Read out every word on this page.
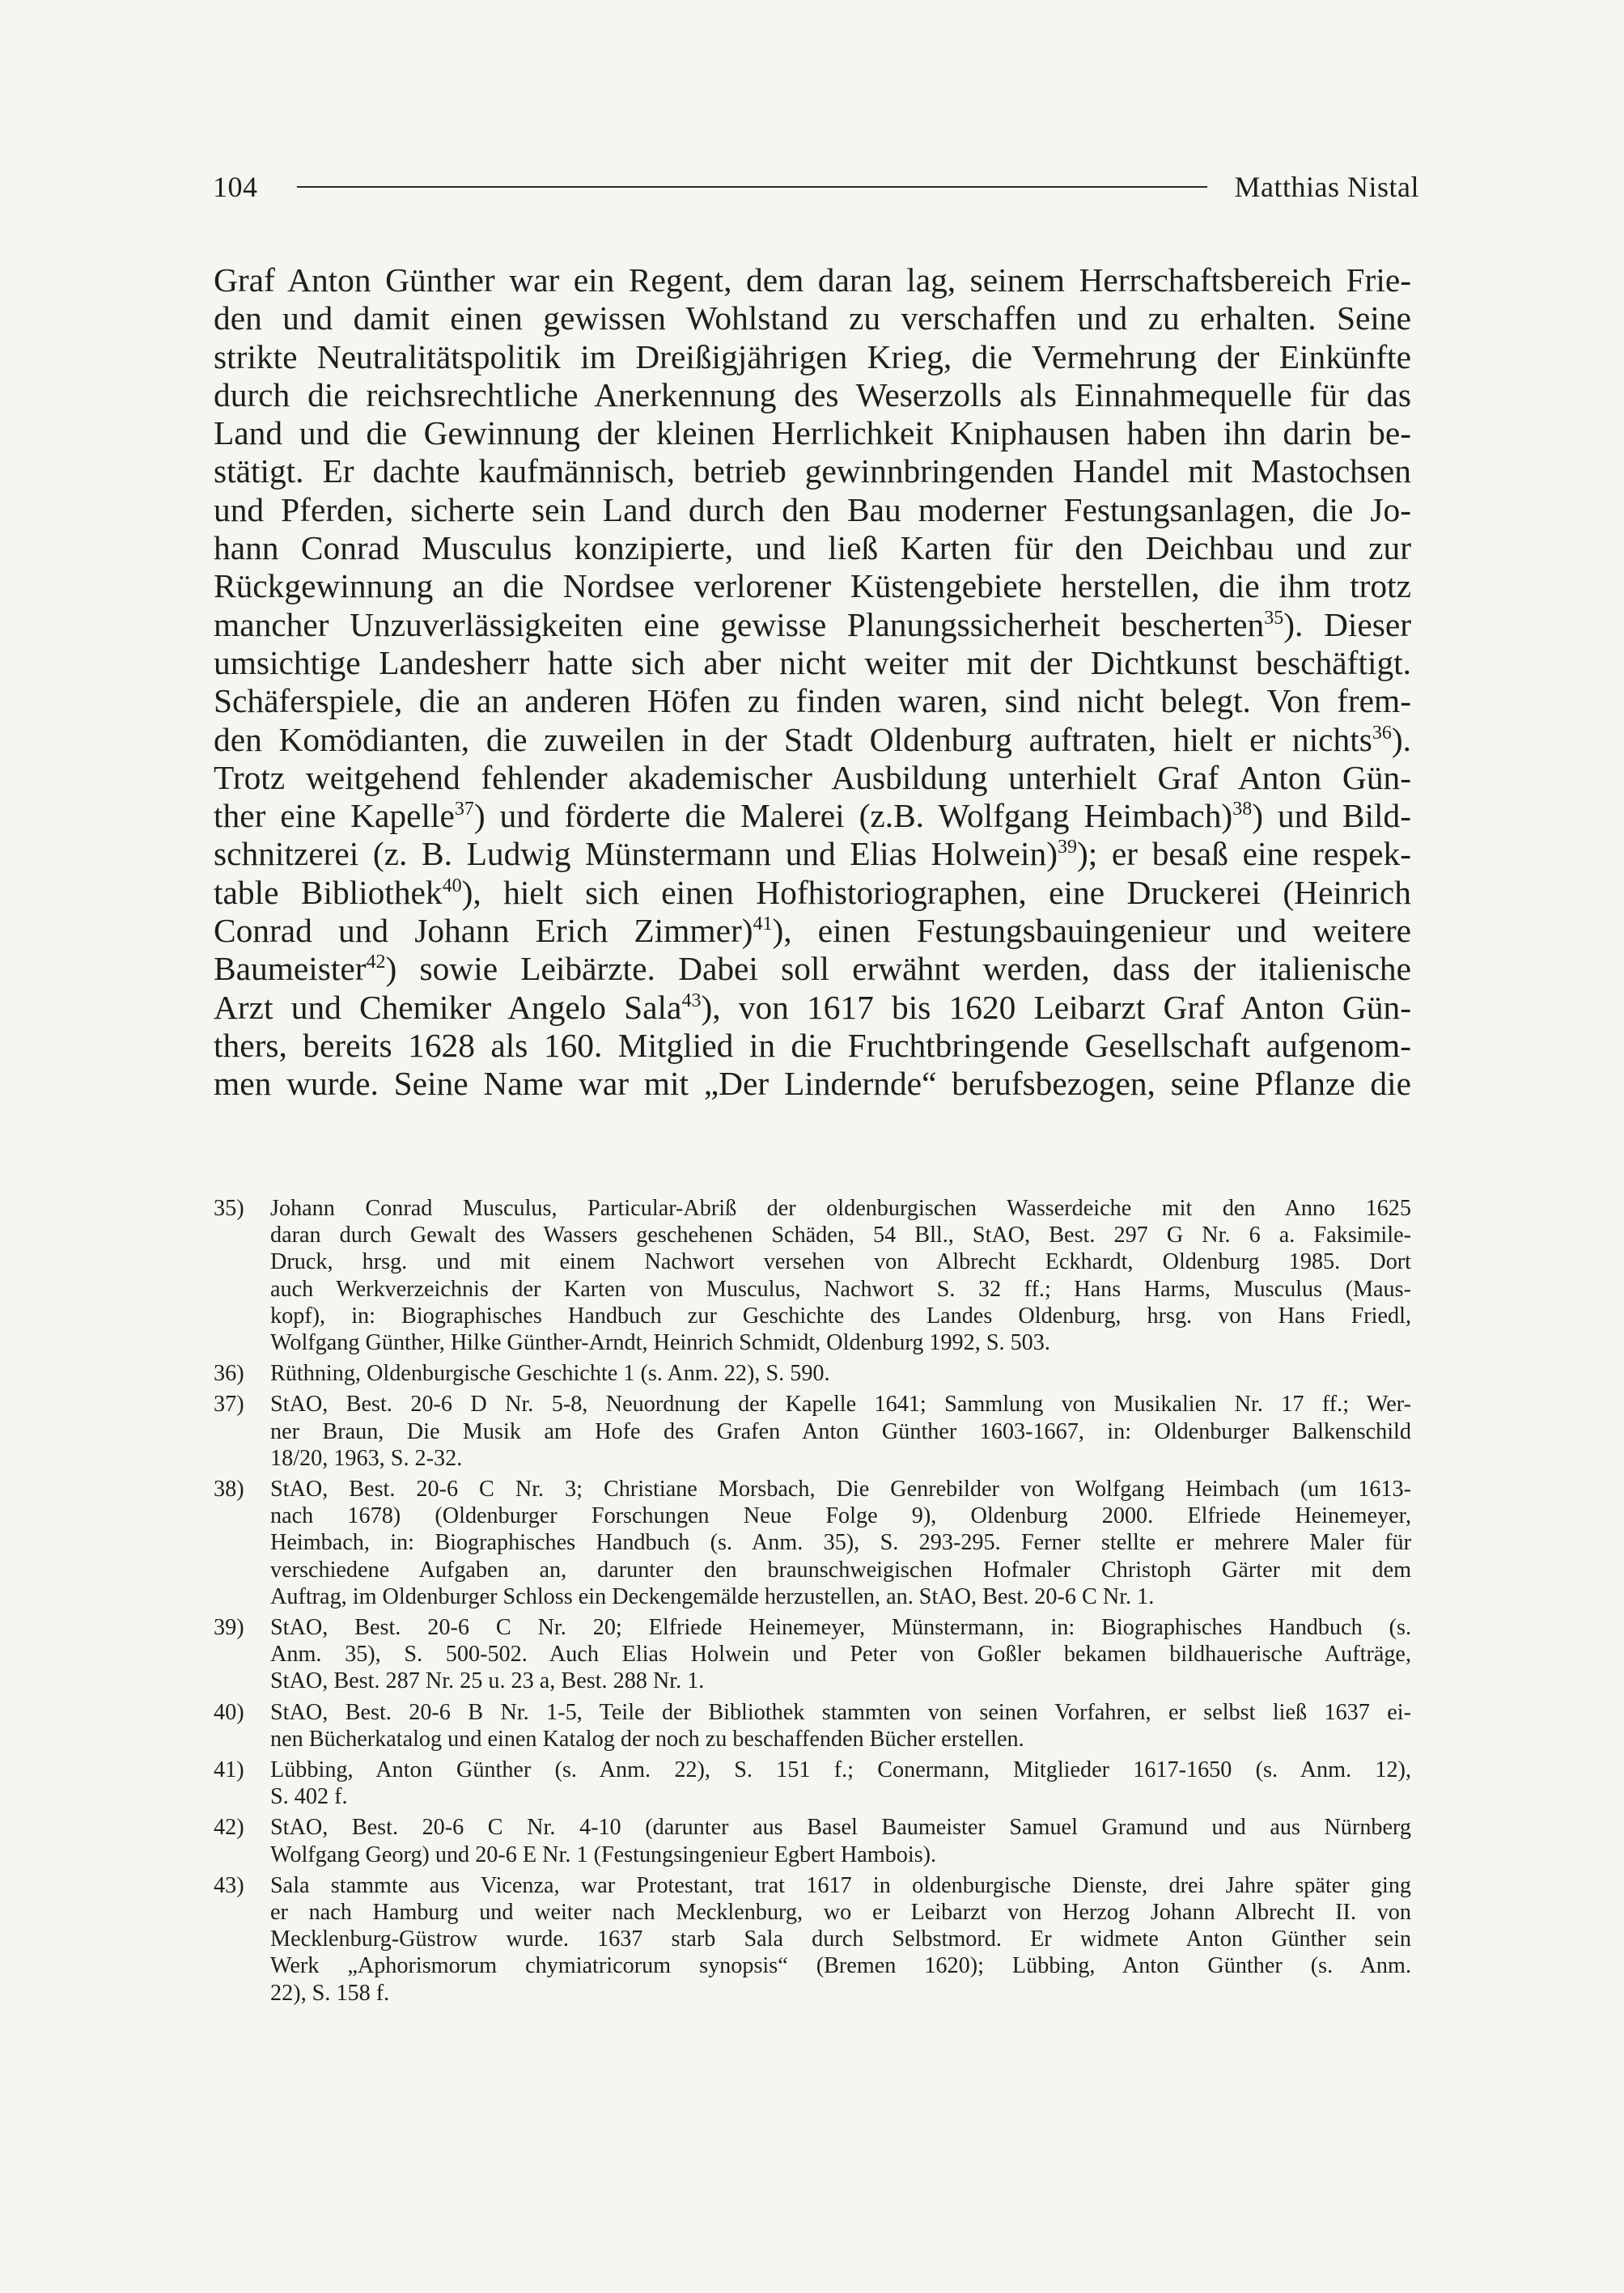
104	Matthias Nistal
Graf Anton Günther war ein Regent, dem daran lag, seinem Herrschaftsbereich Frie-
den und damit einen gewissen Wohlstand zu verschaffen und zu erhalten. Seine
strikte Neutralitätspolitik im Dreißigjährigen Krieg, die Vermehrung der Einkünfte
durch die reichsrechtliche Anerkennung des Weserzolls als Einnahmequelle für das
Land und die Gewinnung der kleinen Herrlichkeit Kniphausen haben ihn darin be-
stätigt. Er dachte kaufmännisch, betrieb gewinnbringenden Handel mit Mastochsen
und Pferden, sicherte sein Land durch den Bau moderner Festungsanlagen, die Jo-
hann Conrad Musculus konzipierte, und ließ Karten für den Deichbau und zur
Rückgewinnung an die Nordsee verlorener Küstengebiete herstellen, die ihm trotz
mancher Unzuverlässigkeiten eine gewisse Planungssicherheit bescherten$^{35}$). Dieser
umsichtige Landesherr hatte sich aber nicht weiter mit der Dichtkunst beschäftigt.
Schäferspiele, die an anderen Höfen zu finden waren, sind nicht belegt. Von frem-
den Komödianten, die zuweilen in der Stadt Oldenburg auftraten, hielt er nichts$^{36}$).
Trotz weitgehend fehlender akademischer Ausbildung unterhielt Graf Anton Gün-
ther eine Kapelle$^{37}$) und förderte die Malerei (z.B. Wolfgang Heimbach)$^{38}$) und Bild-
schnitzerei (z. B. Ludwig Münstermann und Elias Holwein)$^{39}$); er besaß eine respek-
table Bibliothek$^{40}$), hielt sich einen Hofhistoriographen, eine Druckerei (Heinrich
Conrad und Johann Erich Zimmer)$^{41}$), einen Festungsbauingenieur und weitere
Baumeister$^{42}$) sowie Leibärzte. Dabei soll erwähnt werden, dass der italienische
Arzt und Chemiker Angelo Sala$^{43}$), von 1617 bis 1620 Leibarzt Graf Anton Gün-
thers, bereits 1628 als 160. Mitglied in die Fruchtbringende Gesellschaft aufgenom-
men wurde. Seine Name war mit „Der Lindernde“ berufsbezogen, seine Pflanze die
35)	Johann Conrad Musculus, Particular-Abriß der oldenburgischen Wasserdeiche mit den Anno 1625
daran durch Gewalt des Wassers geschehenen Schäden, 54 Bll., StAO, Best. 297 G Nr. 6 a. Faksimile-
Druck, hrsg. und mit einem Nachwort versehen von Albrecht Eckhardt, Oldenburg 1985. Dort
auch Werkverzeichnis der Karten von Musculus, Nachwort S. 32 ff.; Hans Harms, Musculus (Maus-
kopf), in: Biographisches Handbuch zur Geschichte des Landes Oldenburg, hrsg. von Hans Friedl,
Wolfgang Günther, Hilke Günther-Arndt, Heinrich Schmidt, Oldenburg 1992, S. 503.
36)	Rüthning, Oldenburgische Geschichte 1 (s. Anm. 22), S. 590.
37)	StAO, Best. 20-6 D Nr. 5-8, Neuordnung der Kapelle 1641; Sammlung von Musikalien Nr. 17 ff.; Wer-
ner Braun, Die Musik am Hofe des Grafen Anton Günther 1603-1667, in: Oldenburger Balkenschild
18/20, 1963, S. 2-32.
38)	StAO, Best. 20-6 C Nr. 3; Christiane Morsbach, Die Genrebilder von Wolfgang Heimbach (um 1613-
nach 1678) (Oldenburger Forschungen Neue Folge 9), Oldenburg 2000. Elfriede Heinemeyer,
Heimbach, in: Biographisches Handbuch (s. Anm. 35), S. 293-295. Ferner stellte er mehrere Maler für
verschiedene Aufgaben an, darunter den braunschweigischen Hofmaler Christoph Gärter mit dem
Auftrag, im Oldenburger Schloss ein Deckengemälde herzustellen, an. StAO, Best. 20-6 C Nr. 1.
39)	StAO, Best. 20-6 C Nr. 20; Elfriede Heinemeyer, Münstermann, in: Biographisches Handbuch (s.
Anm. 35), S. 500-502. Auch Elias Holwein und Peter von Goßler bekamen bildhauerische Aufträge,
StAO, Best. 287 Nr. 25 u. 23 a, Best. 288 Nr. 1.
40)	StAO, Best. 20-6 B Nr. 1-5, Teile der Bibliothek stammten von seinen Vorfahren, er selbst ließ 1637 ei-
nen Bücherkatalog und einen Katalog der noch zu beschaffenden Bücher erstellen.
41)	Lübbing, Anton Günther (s. Anm. 22), S. 151 f.; Conermann, Mitglieder 1617-1650 (s. Anm. 12),
S. 402 f.
42)	StAO, Best. 20-6 C Nr. 4-10 (darunter aus Basel Baumeister Samuel Gramund und aus Nürnberg
Wolfgang Georg) und 20-6 E Nr. 1 (Festungsingenieur Egbert Hambois).
43)	Sala stammte aus Vicenza, war Protestant, trat 1617 in oldenburgische Dienste, drei Jahre später ging
er nach Hamburg und weiter nach Mecklenburg, wo er Leibarzt von Herzog Johann Albrecht II. von
Mecklenburg-Güstrow wurde. 1637 starb Sala durch Selbstmord. Er widmete Anton Günther sein
Werk „Aphorismorum chymiatricorum synopsis“ (Bremen 1620); Lübbing, Anton Günther (s. Anm.
22), S. 158 f.
